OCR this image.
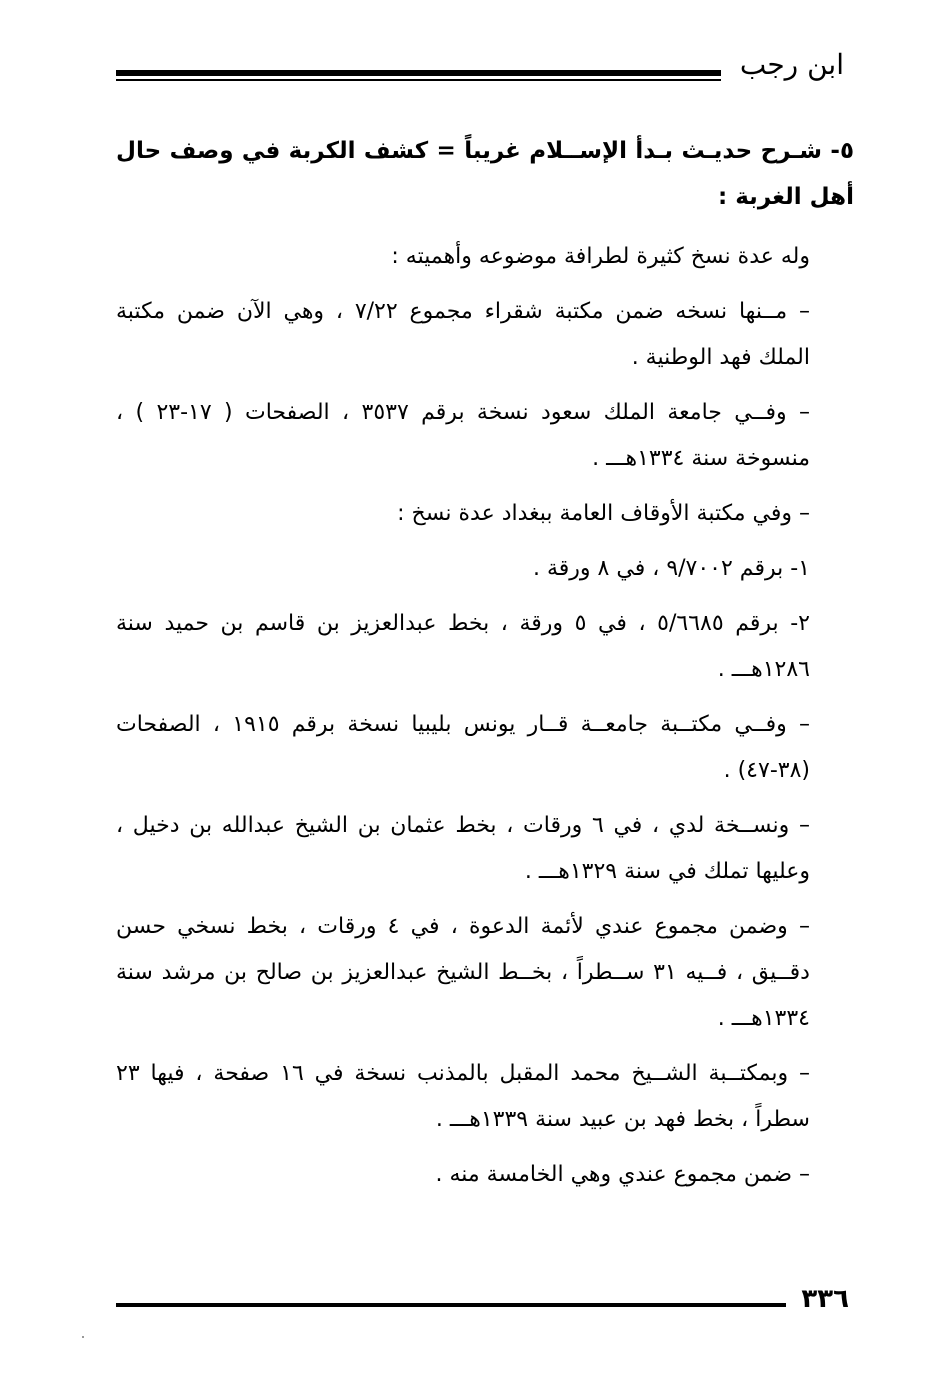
ابن رجب

٥- شـرح حديـث بـدأ الإســلام غريباً = كشف الكربة في وصف حال أهل الغربة :

وله عدة نسخ كثيرة لطرافة موضوعه وأهميته :

– مــنها نسخه ضمن مكتبة شقراء مجموع ٧/٢٢ ، وهي الآن ضمن مكتبة الملك فهد الوطنية .

– وفــي جامعة الملك سعود نسخة برقم ٣٥٣٧ ، الصفحات ( ١٧-٢٣ ) ، منسوخة سنة ١٣٣٤هـــ .

– وفي مكتبة الأوقاف العامة ببغداد عدة نسخ :

١- برقم ٩/٧٠٠٢ ، في ٨ ورقة .

٢- برقم ٥/٦٦٨٥ ، في ٥ ورقة ، بخط عبدالعزيز بن قاسم بن حميد سنة ١٢٨٦هـــ .

– وفــي مكتــبة جامعــة قــار يونس بليبيا نسخة برقم ١٩١٥ ، الصفحات (٣٨-٤٧) .

– ونســخة لدي ، في ٦ ورقات ، بخط عثمان بن الشيخ عبدالله بن دخيل ، وعليها تملك في سنة ١٣٢٩هـــ .

– وضمن مجموع عندي لأئمة الدعوة ، في ٤ ورقات ، بخط نسخي حسن دقــيق ، فــيه ٣١ ســطراً ، بخــط الشيخ عبدالعزيز بن صالح بن مرشد سنة ١٣٣٤هـــ .

– وبمكتــبة الشــيخ محمد المقبل بالمذنب نسخة في ١٦ صفحة ، فيها ٢٣ سطراً ، بخط فهد بن عبيد سنة ١٣٣٩هـــ .

– ضمن مجموع عندي وهي الخامسة منه .

٣٣٦
